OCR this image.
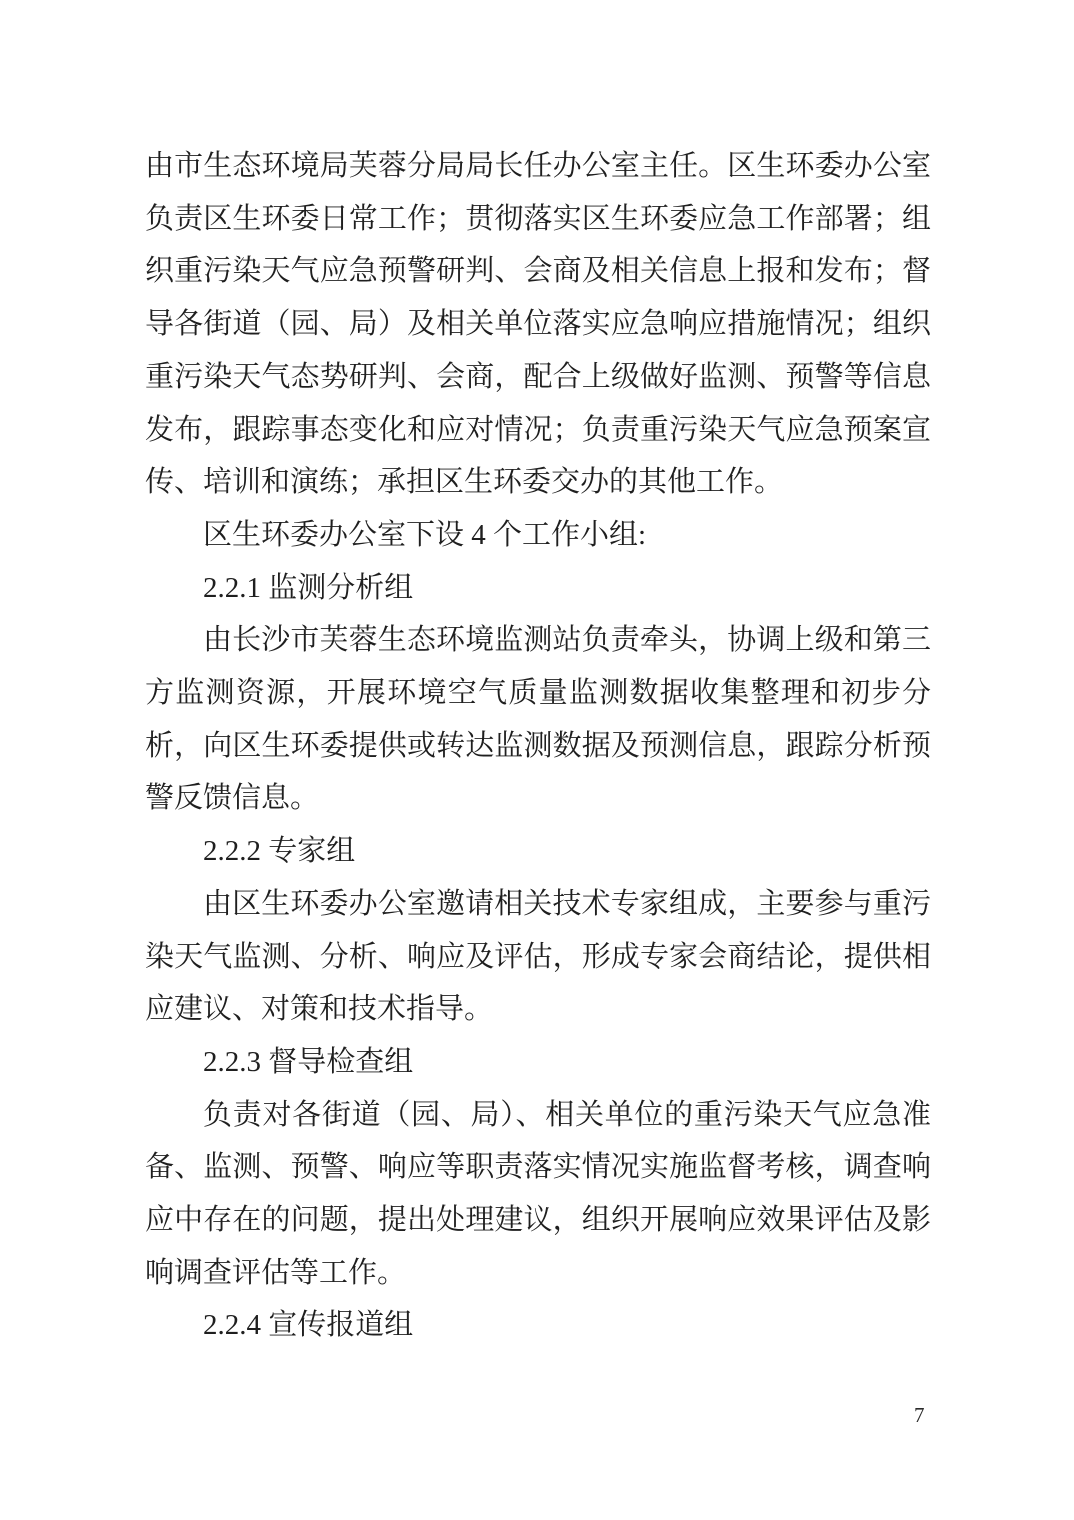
由市生态环境局芙蓉分局局长任办公室主任。区生环委办公室负责区生环委日常工作；贯彻落实区生环委应急工作部署；组织重污染天气应急预警研判、会商及相关信息上报和发布；督导各街道（园、局）及相关单位落实应急响应措施情况；组织重污染天气态势研判、会商，配合上级做好监测、预警等信息发布，跟踪事态变化和应对情况；负责重污染天气应急预案宣传、培训和演练；承担区生环委交办的其他工作。

区生环委办公室下设 4 个工作小组:

2.2.1 监测分析组

由长沙市芙蓉生态环境监测站负责牵头，协调上级和第三方监测资源，开展环境空气质量监测数据收集整理和初步分析，向区生环委提供或转达监测数据及预测信息，跟踪分析预警反馈信息。

2.2.2 专家组

由区生环委办公室邀请相关技术专家组成，主要参与重污染天气监测、分析、响应及评估，形成专家会商结论，提供相应建议、对策和技术指导。

2.2.3 督导检查组

负责对各街道（园、局）、相关单位的重污染天气应急准备、监测、预警、响应等职责落实情况实施监督考核，调查响应中存在的问题，提出处理建议，组织开展响应效果评估及影响调查评估等工作。

2.2.4 宣传报道组

7
